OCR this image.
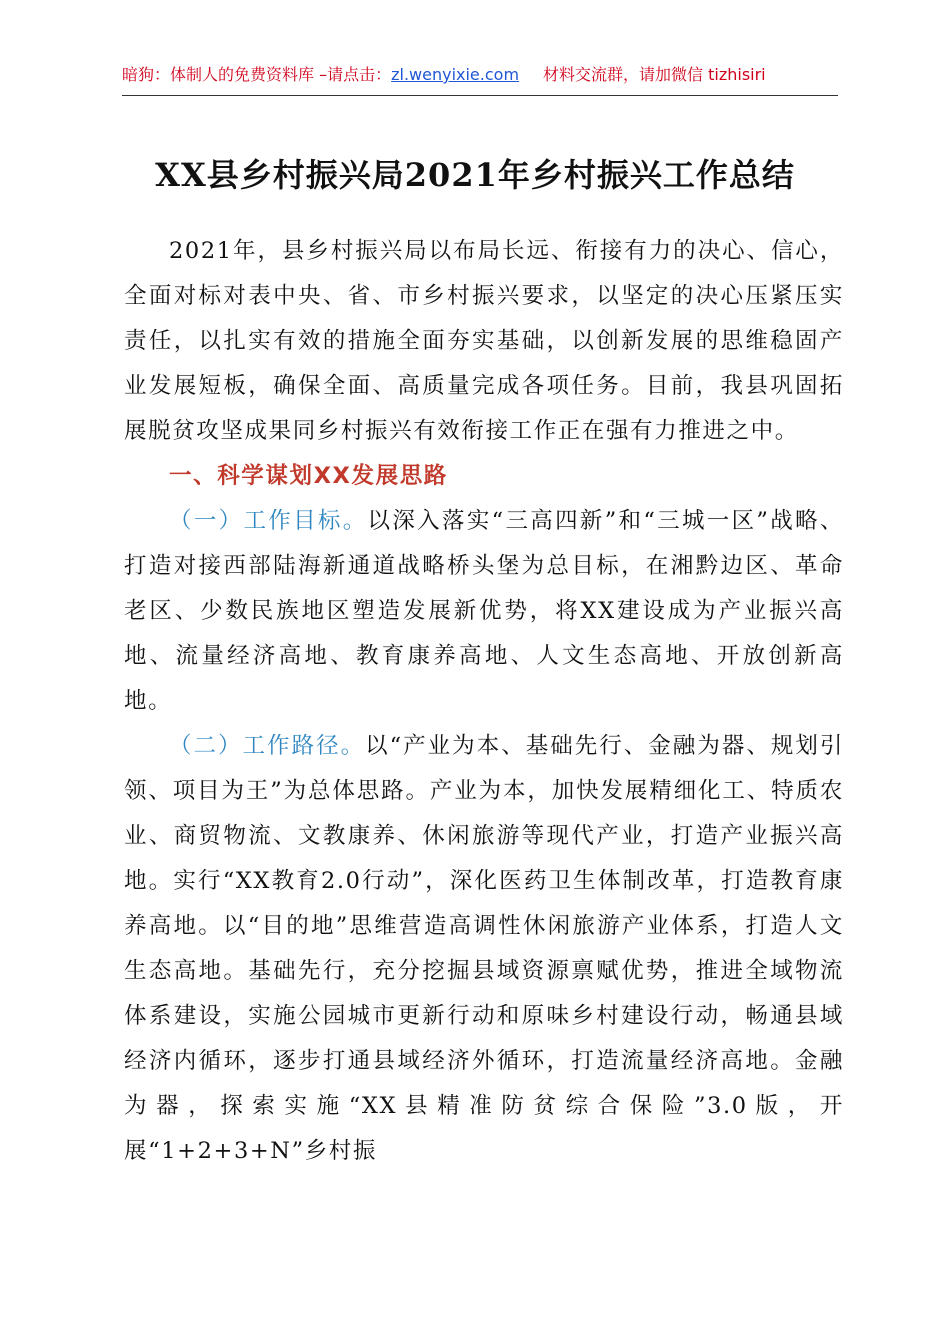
暗狗：体制人的免费资料库 –请点击：zl.wenyixie.com 材料交流群，请加微信 tizhisiri
XX县乡村振兴局2021年乡村振兴工作总结

2021年，县乡村振兴局以布局长远、衔接有力的决心、信心，全面对标对表中央、省、市乡村振兴要求，以坚定的决心压紧压实责任，以扎实有效的措施全面夯实基础，以创新发展的思维稳固产业发展短板，确保全面、高质量完成各项任务。目前，我县巩固拓展脱贫攻坚成果同乡村振兴有效衔接工作正在强有力推进之中。

一、科学谋划XX发展思路

（一）工作目标。以深入落实“三高四新”和“三城一区”战略、打造对接西部陆海新通道战略桥头堡为总目标，在湘黔边区、革命老区、少数民族地区塑造发展新优势，将XX建设成为产业振兴高地、流量经济高地、教育康养高地、人文生态高地、开放创新高地。

（二）工作路径。以“产业为本、基础先行、金融为器、规划引领、项目为王”为总体思路。产业为本，加快发展精细化工、特质农业、商贸物流、文教康养、休闲旅游等现代产业，打造产业振兴高地。实行“XX教育2.0行动”，深化医药卫生体制改革，打造教育康养高地。以“目的地”思维营造高调性休闲旅游产业体系，打造人文生态高地。基础先行，充分挖掘县域资源禀赋优势，推进全域物流体系建设，实施公园城市更新行动和原味乡村建设行动，畅通县域经济内循环，逐步打通县域经济外循环，打造流量经济高地。金融为器，探索实施“XX县精准防贫综合保险”3.0版，开展“1+2+3+N”乡村振
